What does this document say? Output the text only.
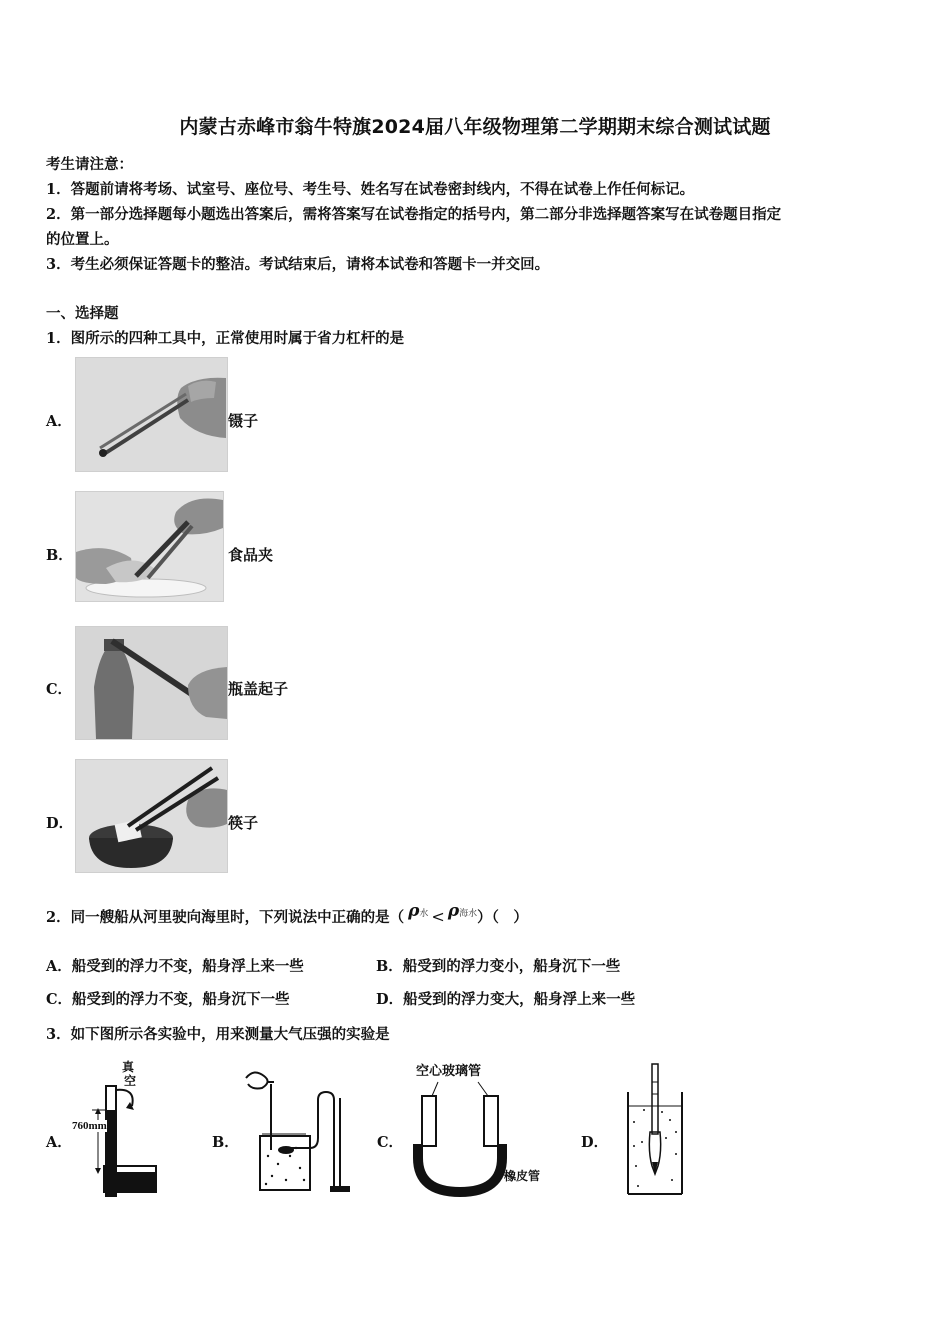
内蒙古赤峰市翁牛特旗2024届八年级物理第二学期期末综合测试试题
考生请注意：
1．答题前请将考场、试室号、座位号、考生号、姓名写在试卷密封线内，不得在试卷上作任何标记。
2．第一部分选择题每小题选出答案后，需将答案写在试卷指定的括号内，第二部分非选择题答案写在试卷题目指定
的位置上。
3．考生必须保证答题卡的整洁。考试结束后，请将本试卷和答题卡一并交回。
一、选择题
1．图所示的四种工具中，正常使用时属于省力杠杆的是
A．	镊子
B．	食品夹
C．	瓶盖起子
D．	筷子
2．同一艘船从河里驶向海里时，下列说法中正确的是（ ρ水 < ρ海水）（　）
A．船受到的浮力不变，船身浮上来一些	B．船受到的浮力变小，船身沉下一些
C．船受到的浮力不变，船身沉下一些	D．船受到的浮力变大，船身浮上来一些
3．如下图所示各实验中，用来测量大气压强的实验是
A．
真
空
760mm
B．	C．
空心玻璃管
橡皮管
D．
